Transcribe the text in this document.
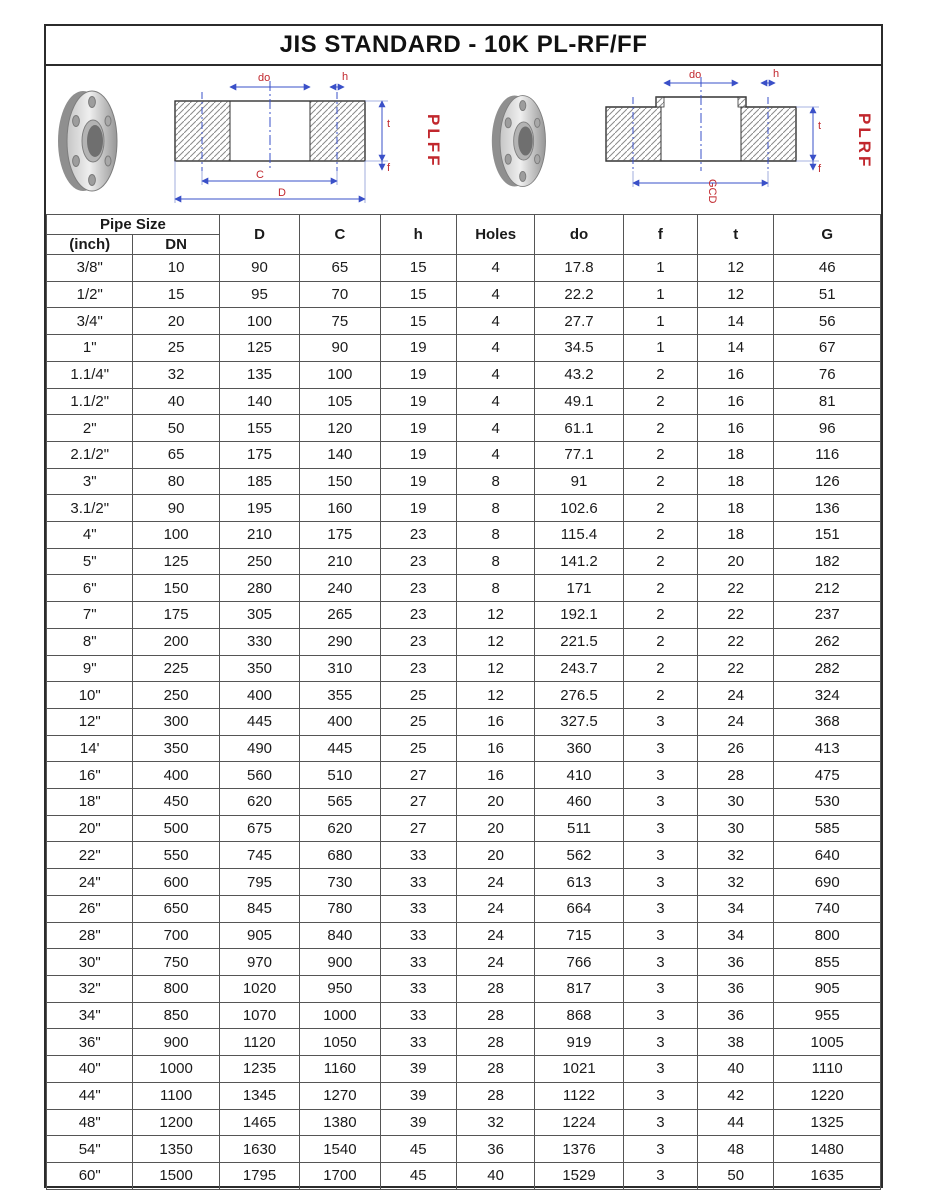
JIS STANDARD - 10K PL-RF/FF
do	h
t
f
C
D
PLFF
do	h
t
f
GCD
PLRF
Pipe Size		D	C	h	Holes	do	f	t	G
(inch)	DN								
3/8"	10	90	65	15	4	17.8	1	12	46
1/2"	15	95	70	15	4	22.2	1	12	51
3/4"	20	100	75	15	4	27.7	1	14	56
1"	25	125	90	19	4	34.5	1	14	67
1.1/4"	32	135	100	19	4	43.2	2	16	76
1.1/2"	40	140	105	19	4	49.1	2	16	81
2"	50	155	120	19	4	61.1	2	16	96
2.1/2"	65	175	140	19	4	77.1	2	18	116
3"	80	185	150	19	8	91	2	18	126
3.1/2"	90	195	160	19	8	102.6	2	18	136
4"	100	210	175	23	8	115.4	2	18	151
5"	125	250	210	23	8	141.2	2	20	182
6"	150	280	240	23	8	171	2	22	212
7"	175	305	265	23	12	192.1	2	22	237
8"	200	330	290	23	12	221.5	2	22	262
9"	225	350	310	23	12	243.7	2	22	282
10"	250	400	355	25	12	276.5	2	24	324
12"	300	445	400	25	16	327.5	3	24	368
14'	350	490	445	25	16	360	3	26	413
16"	400	560	510	27	16	410	3	28	475
18"	450	620	565	27	20	460	3	30	530
20"	500	675	620	27	20	511	3	30	585
22"	550	745	680	33	20	562	3	32	640
24"	600	795	730	33	24	613	3	32	690
26"	650	845	780	33	24	664	3	34	740
28"	700	905	840	33	24	715	3	34	800
30"	750	970	900	33	24	766	3	36	855
32"	800	1020	950	33	28	817	3	36	905
34"	850	1070	1000	33	28	868	3	36	955
36"	900	1120	1050	33	28	919	3	38	1005
40"	1000	1235	1160	39	28	1021	3	40	1110
44"	1100	1345	1270	39	28	1122	3	42	1220
48"	1200	1465	1380	39	32	1224	3	44	1325
54"	1350	1630	1540	45	36	1376	3	48	1480
60"	1500	1795	1700	45	40	1529	3	50	1635
